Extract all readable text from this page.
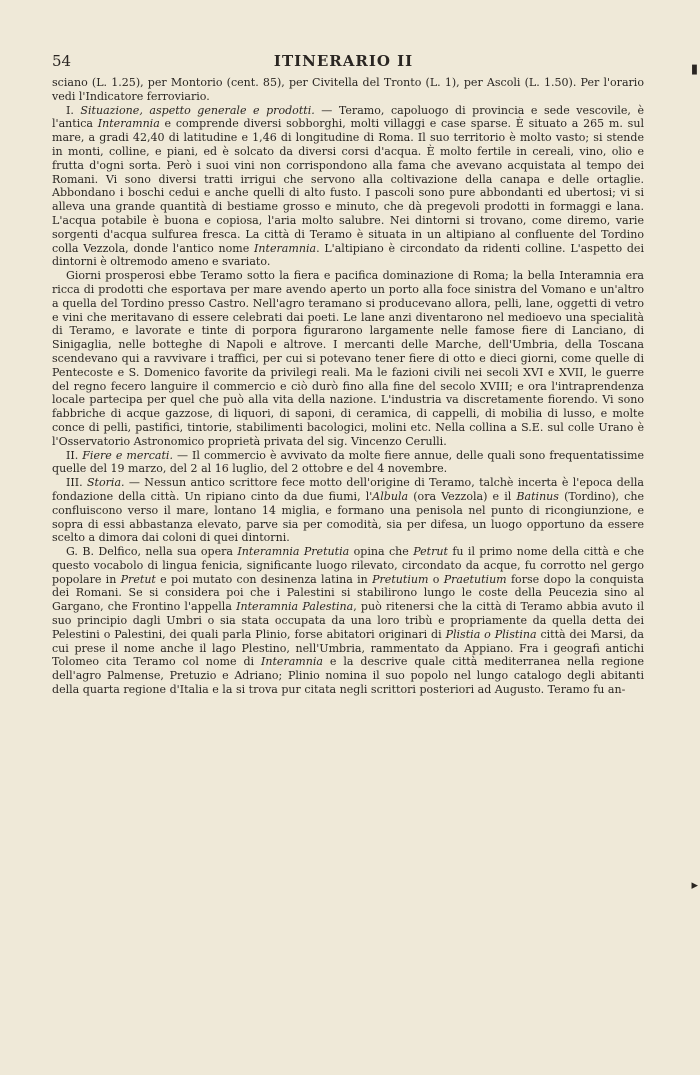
54	ITINERARIO II

sciano (L. 1.25), per Montorio (cent. 85), per Civitella del Tronto (L. 1), per Ascoli (L. 1.50). Per l'orario vedi l'Indicatore ferroviario.

I. Situazione, aspetto generale e prodotti. — Teramo, capoluogo di provincia e sede vescovile, è l'antica Interamnia e comprende diversi sobborghi, molti villaggi e case sparse. È situato a 265 m. sul mare, a gradi 42,40 di latitudine e 1,46 di longitudine di Roma. Il suo territorio è molto vasto; si stende in monti, colline, e piani, ed è solcato da diversi corsi d'acqua. È molto fertile in cereali, vino, olio e frutta d'ogni sorta. Però i suoi vini non corrispondono alla fama che avevano acquistata al tempo dei Romani. Vi sono diversi tratti irrigui che servono alla coltivazione della canapa e delle ortaglie. Abbondano i boschi cedui e anche quelli di alto fusto. I pascoli sono pure abbondanti ed ubertosi; vi si alleva una grande quantità di bestiame grosso e minuto, che dà pregevoli prodotti in formaggi e lana. L'acqua potabile è buona e copiosa, l'aria molto salubre. Nei dintorni si trovano, come diremo, varie sorgenti d'acqua sulfurea fresca. La città di Teramo è situata in un altipiano al confluente del Tordino colla Vezzola, donde l'antico nome Interamnia. L'altipiano è circondato da ridenti colline. L'aspetto dei dintorni è oltremodo ameno e svariato.

Giorni prosperosi ebbe Teramo sotto la fiera e pacifica dominazione di Roma; la bella Interamnia era ricca di prodotti che esportava per mare avendo aperto un porto alla foce sinistra del Vomano e un'altro a quella del Tordino presso Castro. Nell'agro teramano si producevano allora, pelli, lane, oggetti di vetro e vini che meritavano di essere celebrati dai poeti. Le lane anzi diventarono nel medioevo una specialità di Teramo, e lavorate e tinte di porpora figurarono largamente nelle famose fiere di Lanciano, di Sinigaglia, nelle botteghe di Napoli e altrove. I mercanti delle Marche, dell'Umbria, della Toscana scendevano qui a ravvivare i traffici, per cui si potevano tener fiere di otto e dieci giorni, come quelle di Pentecoste e S. Domenico favorite da privilegi reali. Ma le fazioni civili nei secoli XVI e XVII, le guerre del regno fecero languire il commercio e ciò durò fino alla fine del secolo XVIII; e ora l'intraprendenza locale partecipa per quel che può alla vita della nazione. L'industria va discretamente fiorendo. Vi sono fabbriche di acque gazzose, di liquori, di saponi, di ceramica, di cappelli, di mobilia di lusso, e molte conce di pelli, pastifici, tintorie, stabilimenti bacologici, molini etc. Nella collina a S.E. sul colle Urano è l'Osservatorio Astronomico proprietà privata del sig. Vincenzo Cerulli.

II. Fiere e mercati. — Il commercio è avvivato da molte fiere annue, delle quali sono frequentatissime quelle del 19 marzo, del 2 al 16 luglio, del 2 ottobre e del 4 novembre.

III. Storia. — Nessun antico scrittore fece motto dell'origine di Teramo, talchè incerta è l'epoca della fondazione della città. Un ripiano cinto da due fiumi, l'Albula (ora Vezzola) e il Batinus (Tordino), che confluiscono verso il mare, lontano 14 miglia, e formano una penisola nel punto di ricongiunzione, e sopra di essi abbastanza elevato, parve sia per comodità, sia per difesa, un luogo opportuno da essere scelto a dimora dai coloni di quei dintorni.

G. B. Delfico, nella sua opera Interamnia Pretutia opina che Petrut fu il primo nome della città e che questo vocabolo di lingua fenicia, significante luogo rilevato, circondato da acque, fu corrotto nel gergo popolare in Pretut e poi mutato con desinenza latina in Pretutium o Praetutium forse dopo la conquista dei Romani. Se si considera poi che i Palestini si stabilirono lungo le coste della Peucezia sino al Gargano, che Frontino l'appella Interamnia Palestina, può ritenersi che la città di Teramo abbia avuto il suo principio dagli Umbri o sia stata occupata da una loro tribù e propriamente da quella detta dei Pelestini o Palestini, dei quali parla Plinio, forse abitatori originari di Plistia o Plistina città dei Marsi, da cui prese il nome anche il lago Plestino, nell'Umbria, rammentato da Appiano. Fra i geografi antichi Tolomeo cita Teramo col nome di Interamnia e la descrive quale città mediterranea nella regione dell'agro Palmense, Pretuzio e Adriano; Plinio nomina il suo popolo nel lungo catalogo degli abitanti della quarta regione d'Italia e la si trova pur citata negli scrittori posteriori ad Augusto. Teramo fu an-

▮
▸
